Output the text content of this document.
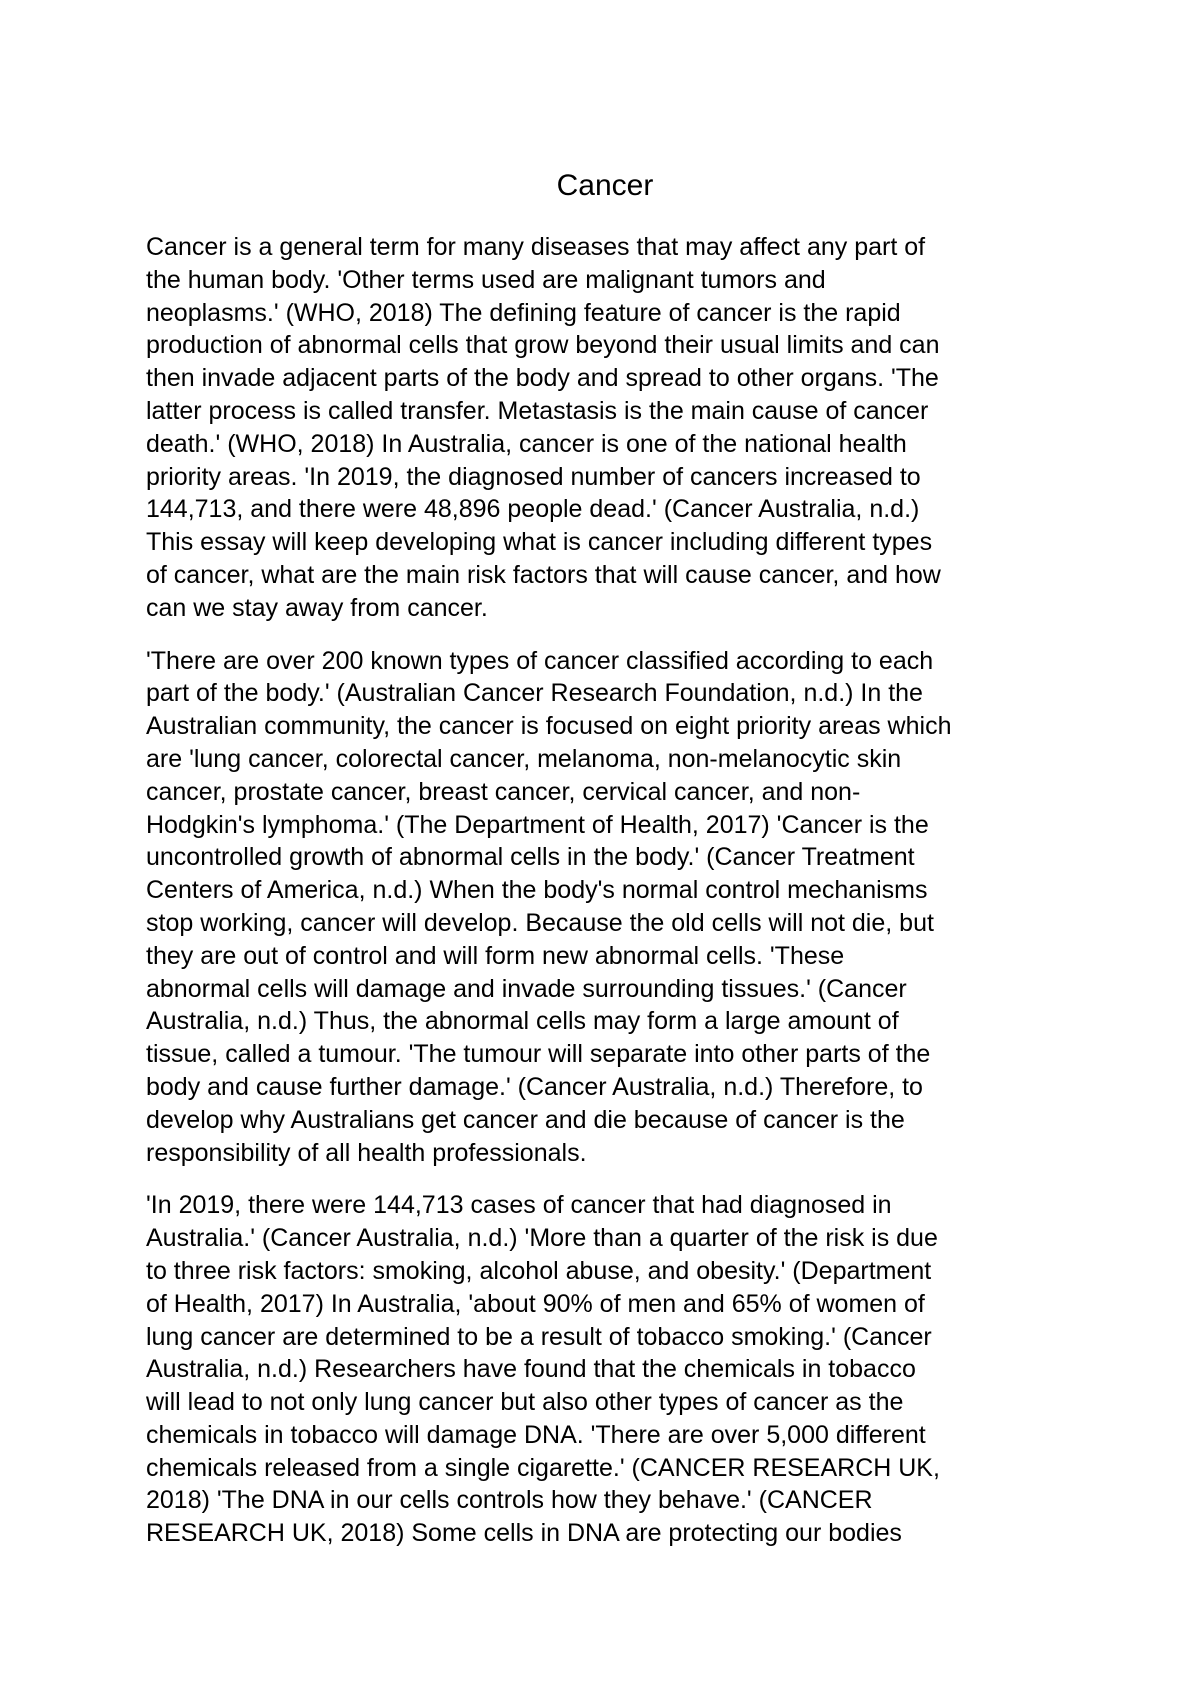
Cancer

Cancer is a general term for many diseases that may affect any part of
the human body. 'Other terms used are malignant tumors and
neoplasms.' (WHO, 2018) The defining feature of cancer is the rapid
production of abnormal cells that grow beyond their usual limits and can
then invade adjacent parts of the body and spread to other organs. 'The
latter process is called transfer. Metastasis is the main cause of cancer
death.' (WHO, 2018) In Australia, cancer is one of the national health
priority areas. 'In 2019, the diagnosed number of cancers increased to
144,713, and there were 48,896 people dead.' (Cancer Australia, n.d.)
This essay will keep developing what is cancer including different types
of cancer, what are the main risk factors that will cause cancer, and how
can we stay away from cancer.

'There are over 200 known types of cancer classified according to each
part of the body.' (Australian Cancer Research Foundation, n.d.) In the
Australian community, the cancer is focused on eight priority areas which
are 'lung cancer, colorectal cancer, melanoma, non-melanocytic skin
cancer, prostate cancer, breast cancer, cervical cancer, and non-
Hodgkin's lymphoma.' (The Department of Health, 2017) 'Cancer is the
uncontrolled growth of abnormal cells in the body.' (Cancer Treatment
Centers of America, n.d.) When the body's normal control mechanisms
stop working, cancer will develop. Because the old cells will not die, but
they are out of control and will form new abnormal cells. 'These
abnormal cells will damage and invade surrounding tissues.' (Cancer
Australia, n.d.) Thus, the abnormal cells may form a large amount of
tissue, called a tumour. 'The tumour will separate into other parts of the
body and cause further damage.' (Cancer Australia, n.d.) Therefore, to
develop why Australians get cancer and die because of cancer is the
responsibility of all health professionals.

'In 2019, there were 144,713 cases of cancer that had diagnosed in
Australia.' (Cancer Australia, n.d.) 'More than a quarter of the risk is due
to three risk factors: smoking, alcohol abuse, and obesity.' (Department
of Health, 2017) In Australia, 'about 90% of men and 65% of women of
lung cancer are determined to be a result of tobacco smoking.' (Cancer
Australia, n.d.) Researchers have found that the chemicals in tobacco
will lead to not only lung cancer but also other types of cancer as the
chemicals in tobacco will damage DNA. 'There are over 5,000 different
chemicals released from a single cigarette.' (CANCER RESEARCH UK,
2018) 'The DNA in our cells controls how they behave.' (CANCER
RESEARCH UK, 2018) Some cells in DNA are protecting our bodies
